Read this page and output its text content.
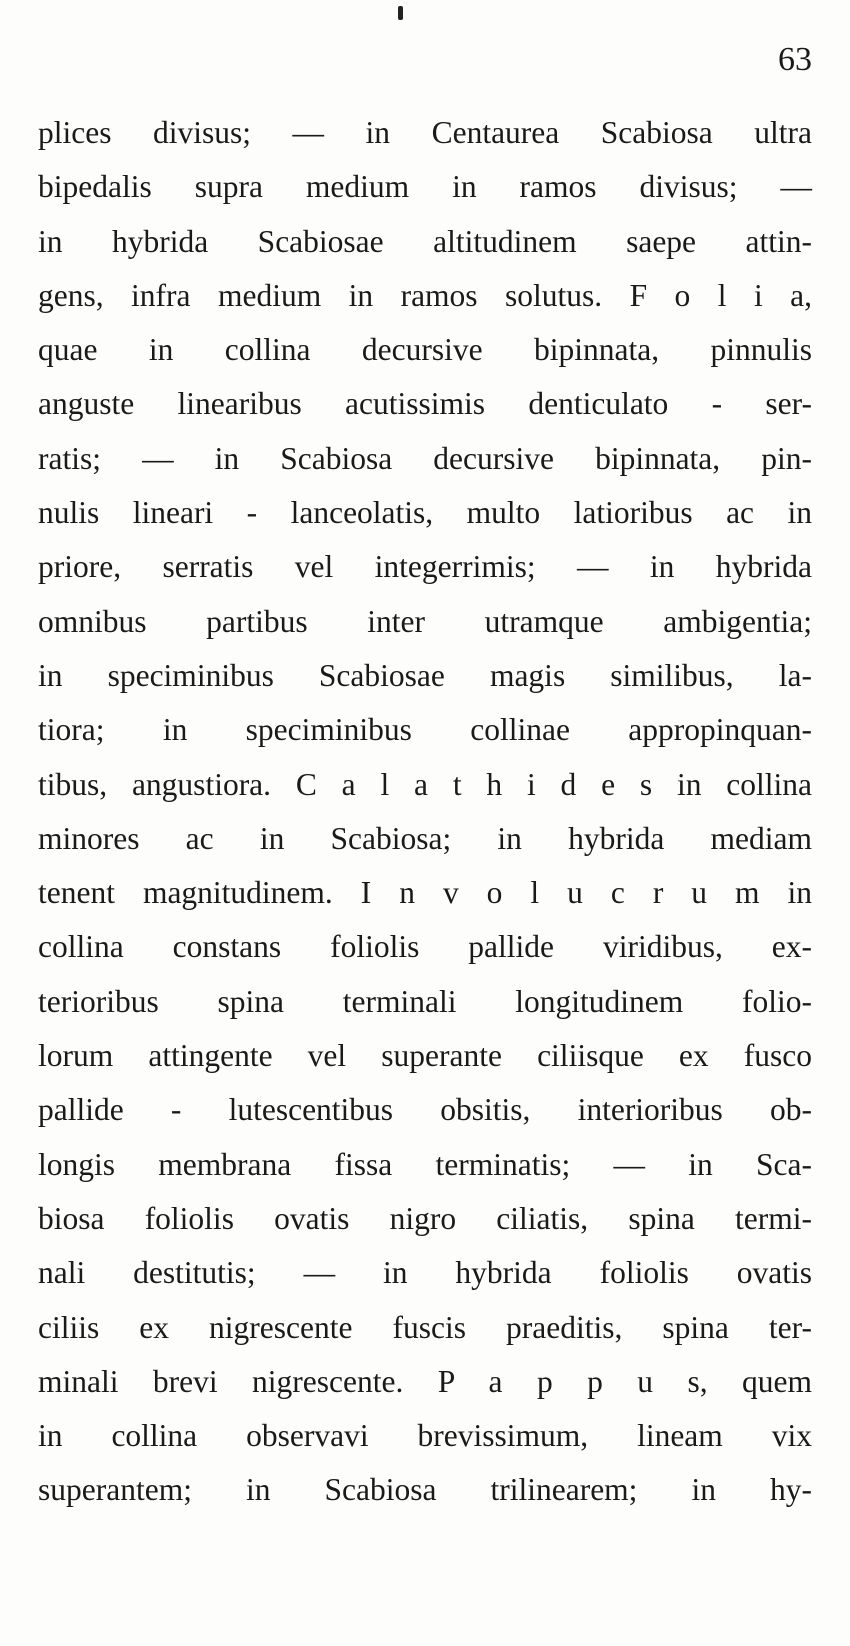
63
plices divisus; — in Centaurea Scabiosa ultra
bipedalis supra medium in ramos divisus; —
in hybrida Scabiosae altitudinem saepe attin-
gens, infra medium in ramos solutus. F o l i a,
quae in collina decursive bipinnata, pinnulis
anguste linearibus acutissimis denticulato - ser-
ratis; — in Scabiosa decursive bipinnata, pin-
nulis lineari - lanceolatis, multo latioribus ac in
priore, serratis vel integerrimis; — in hybrida
omnibus partibus inter utramque ambigentia;
in speciminibus Scabiosae magis similibus, la-
tiora; in speciminibus collinae appropinquan-
tibus, angustiora. C a l a t h i d e s in collina
minores ac in Scabiosa; in hybrida mediam
tenent magnitudinem. I n v o l u c r u m in
collina constans foliolis pallide viridibus, ex-
terioribus spina terminali longitudinem folio-
lorum attingente vel superante ciliisque ex fusco
pallide - lutescentibus obsitis, interioribus ob-
longis membrana fissa terminatis; — in Sca-
biosa foliolis ovatis nigro ciliatis, spina termi-
nali destitutis; — in hybrida foliolis ovatis
ciliis ex nigrescente fuscis praeditis, spina ter-
minali brevi nigrescente. P a p p u s, quem
in collina observavi brevissimum, lineam vix
superantem; in Scabiosa trilinearem; in hy-
